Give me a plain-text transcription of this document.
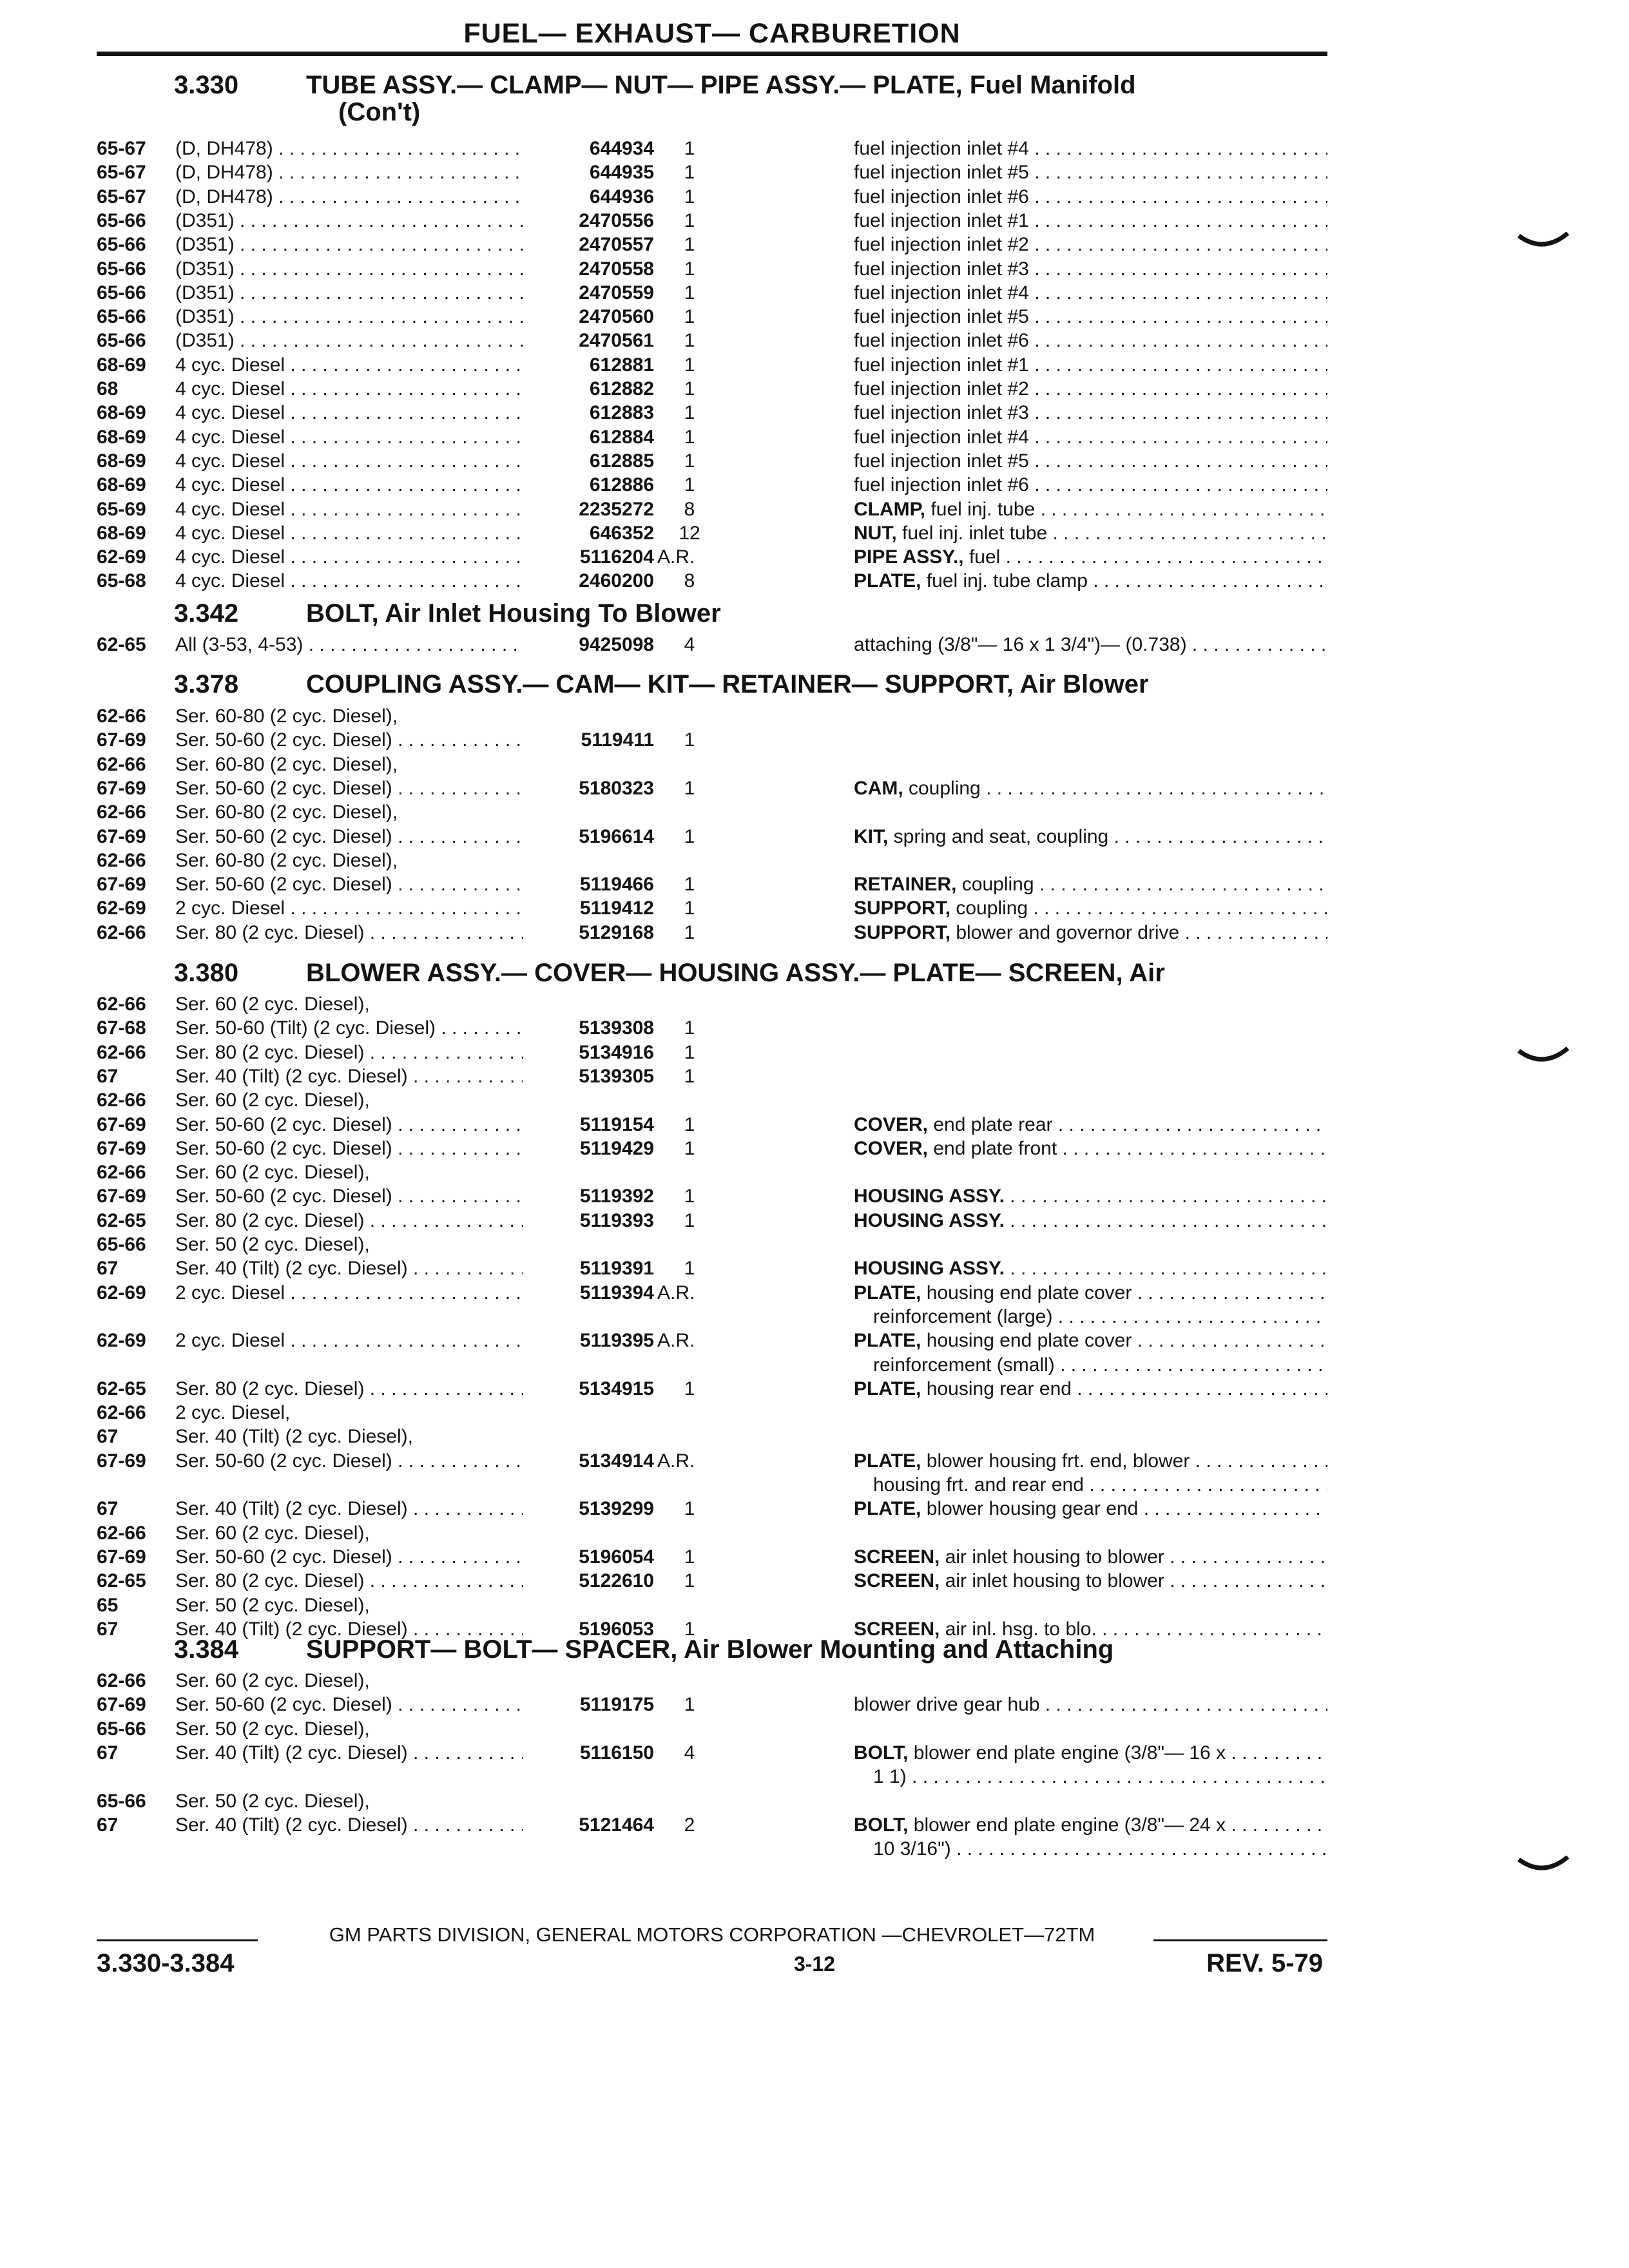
FUEL— EXHAUST— CARBURETION
3.330	TUBE ASSY.— CLAMP— NUT— PIPE ASSY.— PLATE, Fuel Manifold
(Con't)
65-67 (D, DH478) . . .	644934	1	fuel injection inlet #4 . . .
65-67 (D, DH478) . . .	644935	1	fuel injection inlet #5 . . .
65-67 (D, DH478) . . .	644936	1	fuel injection inlet #6 . . .
65-66 (D351) . . .	2470556	1	fuel injection inlet #1 . . .
65-66 (D351) . . .	2470557	1	fuel injection inlet #2 . . .
65-66 (D351) . . .	2470558	1	fuel injection inlet #3 . . .
65-66 (D351) . . .	2470559	1	fuel injection inlet #4 . . .
65-66 (D351) . . .	2470560	1	fuel injection inlet #5 . . .
65-66 (D351) . . .	2470561	1	fuel injection inlet #6 . . .
68-69 4 cyc. Diesel . . .	612881	1	fuel injection inlet #1 . . .
68	4 cyc. Diesel . . .	612882	1	fuel injection inlet #2 . . .
68-69 4 cyc. Diesel . . .	612883	1	fuel injection inlet #3 . . .
68-69 4 cyc. Diesel . . .	612884	1	fuel injection inlet #4 . . .
68-69 4 cyc. Diesel . . .	612885	1	fuel injection inlet #5 . . .
68-69 4 cyc. Diesel . . .	612886	1	fuel injection inlet #6 . . .
65-69 4 cyc. Diesel . . .	2235272	8	CLAMP, fuel inj. tube . . .
68-69 4 cyc. Diesel . . .	646352	12	NUT, fuel inj. inlet tube . . .
62-69 4 cyc. Diesel . . .	5116204 A.R.	PIPE ASSY., fuel . . .
65-68 4 cyc. Diesel . . .	2460200	8	PLATE, fuel inj. tube clamp . . .
3.342	BOLT, Air Inlet Housing To Blower
62-65 All (3-53, 4-53) . . .	9425098	4	attaching (3/8"— 16 x 1 3/4")— (0.738) . . .
3.378	COUPLING ASSY.— CAM— KIT— RETAINER— SUPPORT, Air Blower
62-66 Ser. 60-80 (2 cyc. Diesel),
67-69 Ser. 50-60 (2 cyc. Diesel) . . .	5119411	1
62-66 Ser. 60-80 (2 cyc. Diesel),
67-69 Ser. 50-60 (2 cyc. Diesel) . . .	5180323	1	CAM, coupling . . .
62-66 Ser. 60-80 (2 cyc. Diesel),
67-69 Ser. 50-60 (2 cyc. Diesel) . . .	5196614	1	KIT, spring and seat, coupling . . .
62-66 Ser. 60-80 (2 cyc. Diesel),
67-69 Ser. 50-60 (2 cyc. Diesel) . . .	5119466	1	RETAINER, coupling . . .
62-69 2 cyc. Diesel . . .	5119412	1	SUPPORT, coupling . . .
62-66 Ser. 80 (2 cyc. Diesel) . . .	5129168	1	SUPPORT, blower and governor drive . . .
3.380	BLOWER ASSY.— COVER— HOUSING ASSY.— PLATE— SCREEN, Air
62-66 Ser. 60 (2 cyc. Diesel),
67-68 Ser. 50-60 (Tilt) (2 cyc. Diesel) . . .	5139308	1
62-66 Ser. 80 (2 cyc. Diesel) . . .	5134916	1
67	Ser. 40 (Tilt) (2 cyc. Diesel) . . .	5139305	1
62-66 Ser. 60 (2 cyc. Diesel),
67-69 Ser. 50-60 (2 cyc. Diesel) . . .	5119154	1	COVER, end plate rear . . .
67-69 Ser. 50-60 (2 cyc. Diesel) . . .	5119429	1	COVER, end plate front . . .
62-66 Ser. 60 (2 cyc. Diesel),
67-69 Ser. 50-60 (2 cyc. Diesel) . . .	5119392	1	HOUSING ASSY. . . .
62-65 Ser. 80 (2 cyc. Diesel) . . .	5119393	1	HOUSING ASSY. . . .
65-66 Ser. 50 (2 cyc. Diesel),
67	Ser. 40 (Tilt) (2 cyc. Diesel) . . .	5119391	1	HOUSING ASSY. . . .
62-69 2 cyc. Diesel . . .	5119394 A.R.	PLATE, housing end plate cover . . .
reinforcement (large) . . .
62-69 2 cyc. Diesel . . .	5119395 A.R.	PLATE, housing end plate cover . . .
reinforcement (small) . . .
62-65 Ser. 80 (2 cyc. Diesel) . . .	5134915	1	PLATE, housing rear end . . .
62-66 2 cyc. Diesel,
67	Ser. 40 (Tilt) (2 cyc. Diesel),
67-69 Ser. 50-60 (2 cyc. Diesel) . . .	5134914 A.R.	PLATE, blower housing frt. end, blower . . .
housing frt. and rear end . . .
67	Ser. 40 (Tilt) (2 cyc. Diesel) . . .	5139299	1	PLATE, blower housing gear end . . .
62-66 Ser. 60 (2 cyc. Diesel),
67-69 Ser. 50-60 (2 cyc. Diesel) . . .	5196054	1	SCREEN, air inlet housing to blower . . .
62-65 Ser. 80 (2 cyc. Diesel) . . .	5122610	1	SCREEN, air inlet housing to blower . . .
65	Ser. 50 (2 cyc. Diesel),
67	Ser. 40 (Tilt) (2 cyc. Diesel) . . .	5196053	1	SCREEN, air inl. hsg. to blo. . . .
3.384	SUPPORT— BOLT— SPACER, Air Blower Mounting and Attaching
62-66 Ser. 60 (2 cyc. Diesel),
67-69 Ser. 50-60 (2 cyc. Diesel) . . .	5119175	1	blower drive gear hub . . .
65-66 Ser. 50 (2 cyc. Diesel),
67	Ser. 40 (Tilt) (2 cyc. Diesel) . . .	5116150	4	BOLT, blower end plate engine (3/8"— 16 x . . .
1 1) . . .
65-66 Ser. 50 (2 cyc. Diesel),
67	Ser. 40 (Tilt) (2 cyc. Diesel) . . .	5121464	2	BOLT, blower end plate engine (3/8"— 24 x . . .
10 3/16") . . .
GM PARTS DIVISION, GENERAL MOTORS CORPORATION —CHEVROLET—72TM
3.330-3.384	3-12	REV. 5-79
